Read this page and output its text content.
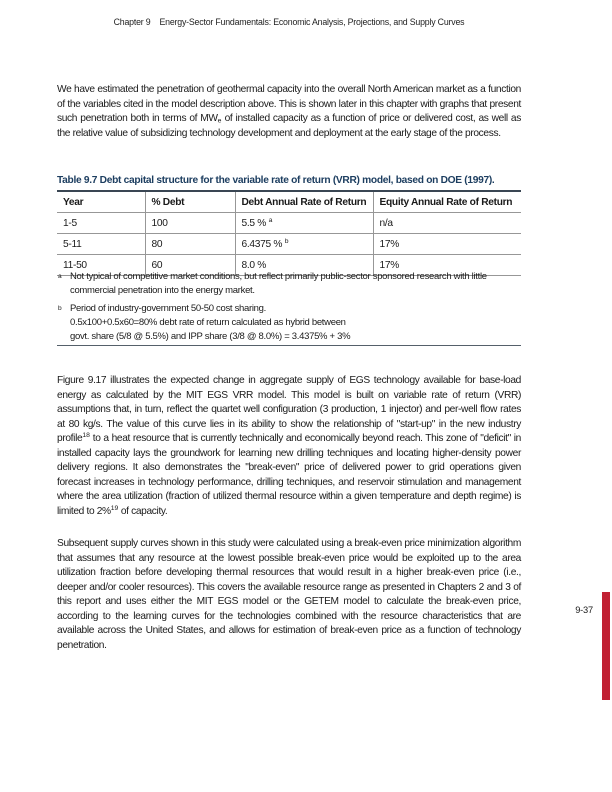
Chapter 9 Energy-Sector Fundamentals: Economic Analysis, Projections, and Supply Curves

We have estimated the penetration of geothermal capacity into the overall North American market as a function of the variables cited in the model description above. This is shown later in this chapter with graphs that present such penetration both in terms of $MW_e$ of installed capacity as a function of price or delivered cost, as well as the relative value of subsidizing technology development and deployment at the early stage of the process.

Table 9.7 Debt capital structure for the variable rate of return (VRR) model, based on DOE (1997).

Year	% Debt	Debt Annual Rate of Return	Equity Annual Rate of Return
1-5	100	5.5 % $^a$	n/a
5-11	80	6.4375 % $^b$	17%
11-50	60	8.0 %	17%
a Not typical of competitive market conditions, but reflect primarily public-sector sponsored research with little commercial penetration into the energy market.
b Period of industry-government 50-50 cost sharing.
0.5x100+0.5x60=80% debt rate of return calculated as hybrid between
govt. share (5/8 @ 5.5%) and IPP share (3/8 @ 8.0%) = 3.4375% + 3%

Figure 9.17 illustrates the expected change in aggregate supply of EGS technology available for base-load energy as calculated by the MIT EGS VRR model. This model is built on variable rate of return (VRR) assumptions that, in turn, reflect the quartet well configuration (3 production, 1 injector) and per-well flow rates at 80 kg/s. The value of this curve lies in its ability to show the relationship of "start-up" in the new industry profile$^{18}$ to a heat resource that is currently technically and economically beyond reach. This zone of "deficit" in installed capacity lays the groundwork for learning new drilling techniques and locating higher-density power delivery regions. It also demonstrates the "break-even" price of delivered power to grid operations given forecast increases in technology performance, drilling techniques, and reservoir stimulation and management where the area utilization (fraction of utilized thermal resource within a given temperature and depth regime) is limited to 2%$^{19}$ of capacity.

Subsequent supply curves shown in this study were calculated using a break-even price minimization algorithm that assumes that any resource at the lowest possible break-even price would be exploited up to the area utilization fraction before developing thermal resources that would result in a higher break-even price (i.e., deeper and/or cooler resources). This covers the available resource range as presented in Chapters 2 and 3 of this report and uses either the MIT EGS model or the GETEM model to calculate the break-even price, according to the learning curves for the technologies combined with the resource characteristics that are available across the United States, and allows for estimation of break-even price as a function of technology penetration.

9-37
